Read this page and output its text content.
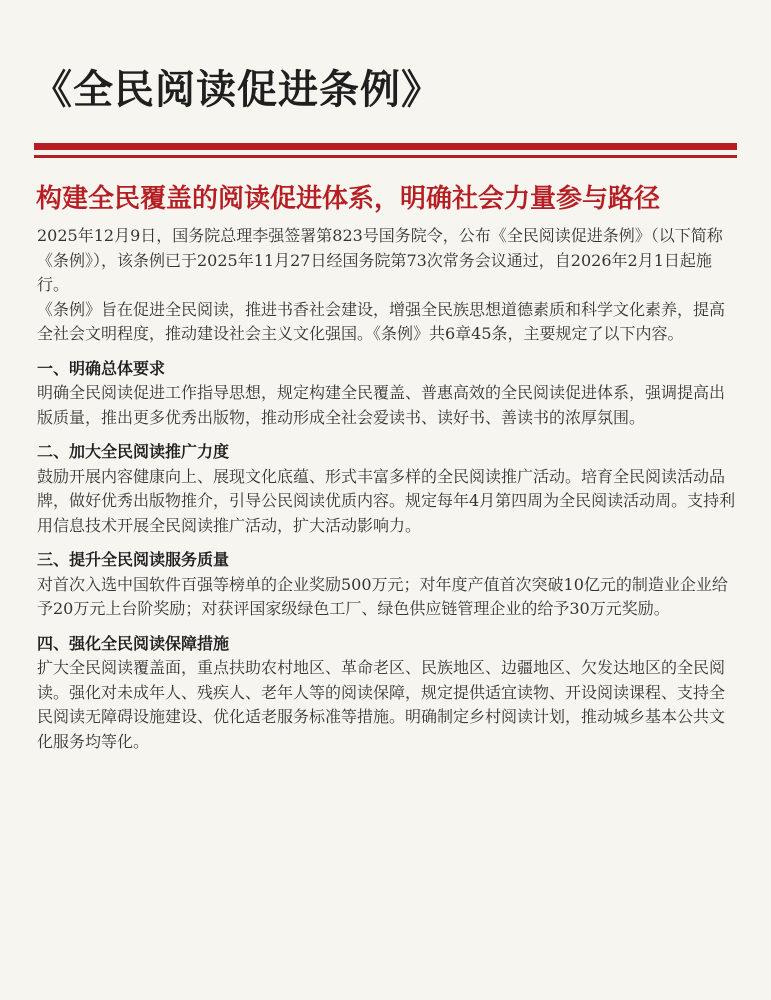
《全民阅读促进条例》
构建全民覆盖的阅读促进体系，明确社会力量参与路径

2025年12月9日，国务院总理李强签署第823号国务院令，公布《全民阅读促进条例》（以下简称《条例》），该条例已于2025年11月27日经国务院第73次常务会议通过，自2026年2月1日起施行。

《条例》旨在促进全民阅读，推进书香社会建设，增强全民族思想道德素质和科学文化素养，提高全社会文明程度，推动建设社会主义文化强国。《条例》共6章45条，主要规定了以下内容。

一、明确总体要求

明确全民阅读促进工作指导思想，规定构建全民覆盖、普惠高效的全民阅读促进体系，强调提高出版质量，推出更多优秀出版物，推动形成全社会爱读书、读好书、善读书的浓厚氛围。

二、加大全民阅读推广力度

鼓励开展内容健康向上、展现文化底蕴、形式丰富多样的全民阅读推广活动。培育全民阅读活动品牌，做好优秀出版物推介，引导公民阅读优质内容。规定每年4月第四周为全民阅读活动周。支持利用信息技术开展全民阅读推广活动，扩大活动影响力。

三、提升全民阅读服务质量

对首次入选中国软件百强等榜单的企业奖励500万元；对年度产值首次突破10亿元的制造业企业给予20万元上台阶奖励；对获评国家级绿色工厂、绿色供应链管理企业的给予30万元奖励。

四、强化全民阅读保障措施

扩大全民阅读覆盖面，重点扶助农村地区、革命老区、民族地区、边疆地区、欠发达地区的全民阅读。强化对未成年人、残疾人、老年人等的阅读保障，规定提供适宜读物、开设阅读课程、支持全民阅读无障碍设施建设、优化适老服务标准等措施。明确制定乡村阅读计划，推动城乡基本公共文化服务均等化。
